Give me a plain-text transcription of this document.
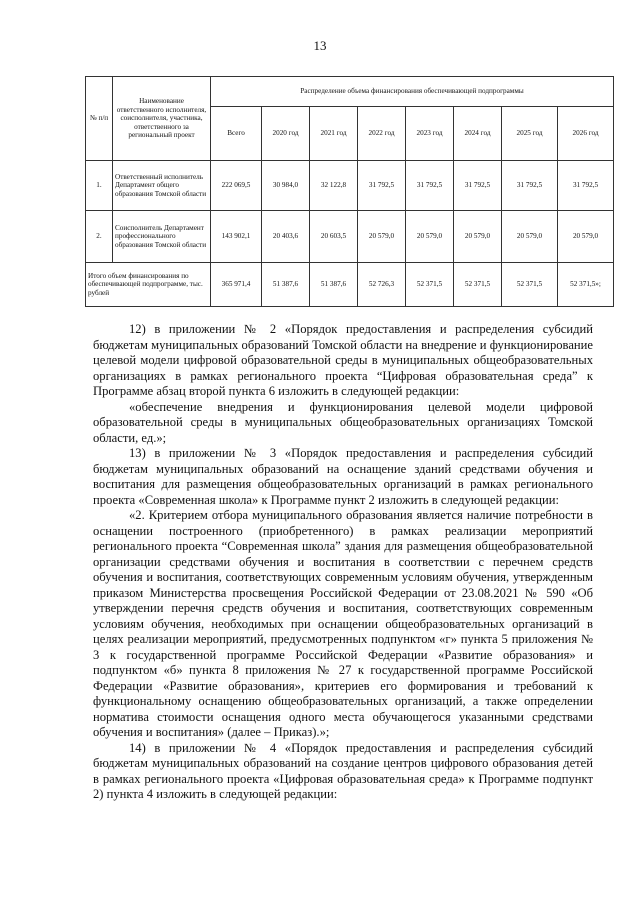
13
№ п/п	Наименование ответственного исполнителя, соисполнителя, участника, ответственного за региональный проект	Распределение объема финансирования обеспечивающей подпрограммы							
		Всего	2020 год	2021 год	2022 год	2023 год	2024 год	2025 год	2026 год
1.	Ответственный исполнитель Департамент общего образования Томской области	222 069,5	30 984,0	32 122,8	31 792,5	31 792,5	31 792,5	31 792,5	31 792,5
2.	Соисполнитель Департамент профессионального образования Томской области	143 902,1	20 403,6	20 603,5	20 579,0	20 579,0	20 579,0	20 579,0	20 579,0
Итого объем финансирования по обеспечивающей подпрограмме, тыс. рублей		365 971,4	51 387,6	51 387,6	52 726,3	52 371,5	52 371,5	52 371,5	52 371,5»;

12) в приложении № 2 «Порядок предоставления и распределения субсидий бюджетам муниципальных образований Томской области на внедрение и функционирование целевой модели цифровой образовательной среды в муниципальных общеобразовательных организациях в рамках регионального проекта “Цифровая образовательная среда” к Программе абзац второй пункта 6 изложить в следующей редакции:

«обеспечение внедрения и функционирования целевой модели цифровой образовательной среды в муниципальных общеобразовательных организациях Томской области, ед.»;

13) в приложении № 3 «Порядок предоставления и распределения субсидий бюджетам муниципальных образований на оснащение зданий средствами обучения и воспитания для размещения общеобразовательных организаций в рамках регионального проекта «Современная школа» к Программе пункт 2 изложить в следующей редакции:

«2. Критерием отбора муниципального образования является наличие потребности в оснащении построенного (приобретенного) в рамках реализации мероприятий регионального проекта “Современная школа” здания для размещения общеобразовательной организации средствами обучения и воспитания в соответствии с перечнем средств обучения и воспитания, соответствующих современным условиям обучения, утвержденным приказом Министерства просвещения Российской Федерации от 23.08.2021 № 590 «Об утверждении перечня средств обучения и воспитания, соответствующих современным условиям обучения, необходимых при оснащении общеобразовательных организаций в целях реализации мероприятий, предусмотренных подпунктом «г» пункта 5 приложения № 3 к государственной программе Российской Федерации «Развитие образования» и подпунктом «б» пункта 8 приложения № 27 к государственной программе Российской Федерации «Развитие образования», критериев его формирования и требований к функциональному оснащению общеобразовательных организаций, а также определении норматива стоимости оснащения одного места обучающегося указанными средствами обучения и воспитания» (далее – Приказ).»;

14) в приложении № 4 «Порядок предоставления и распределения субсидий бюджетам муниципальных образований на создание центров цифрового образования детей в рамках регионального проекта «Цифровая образовательная среда» к Программе подпункт 2) пункта 4 изложить в следующей редакции:
